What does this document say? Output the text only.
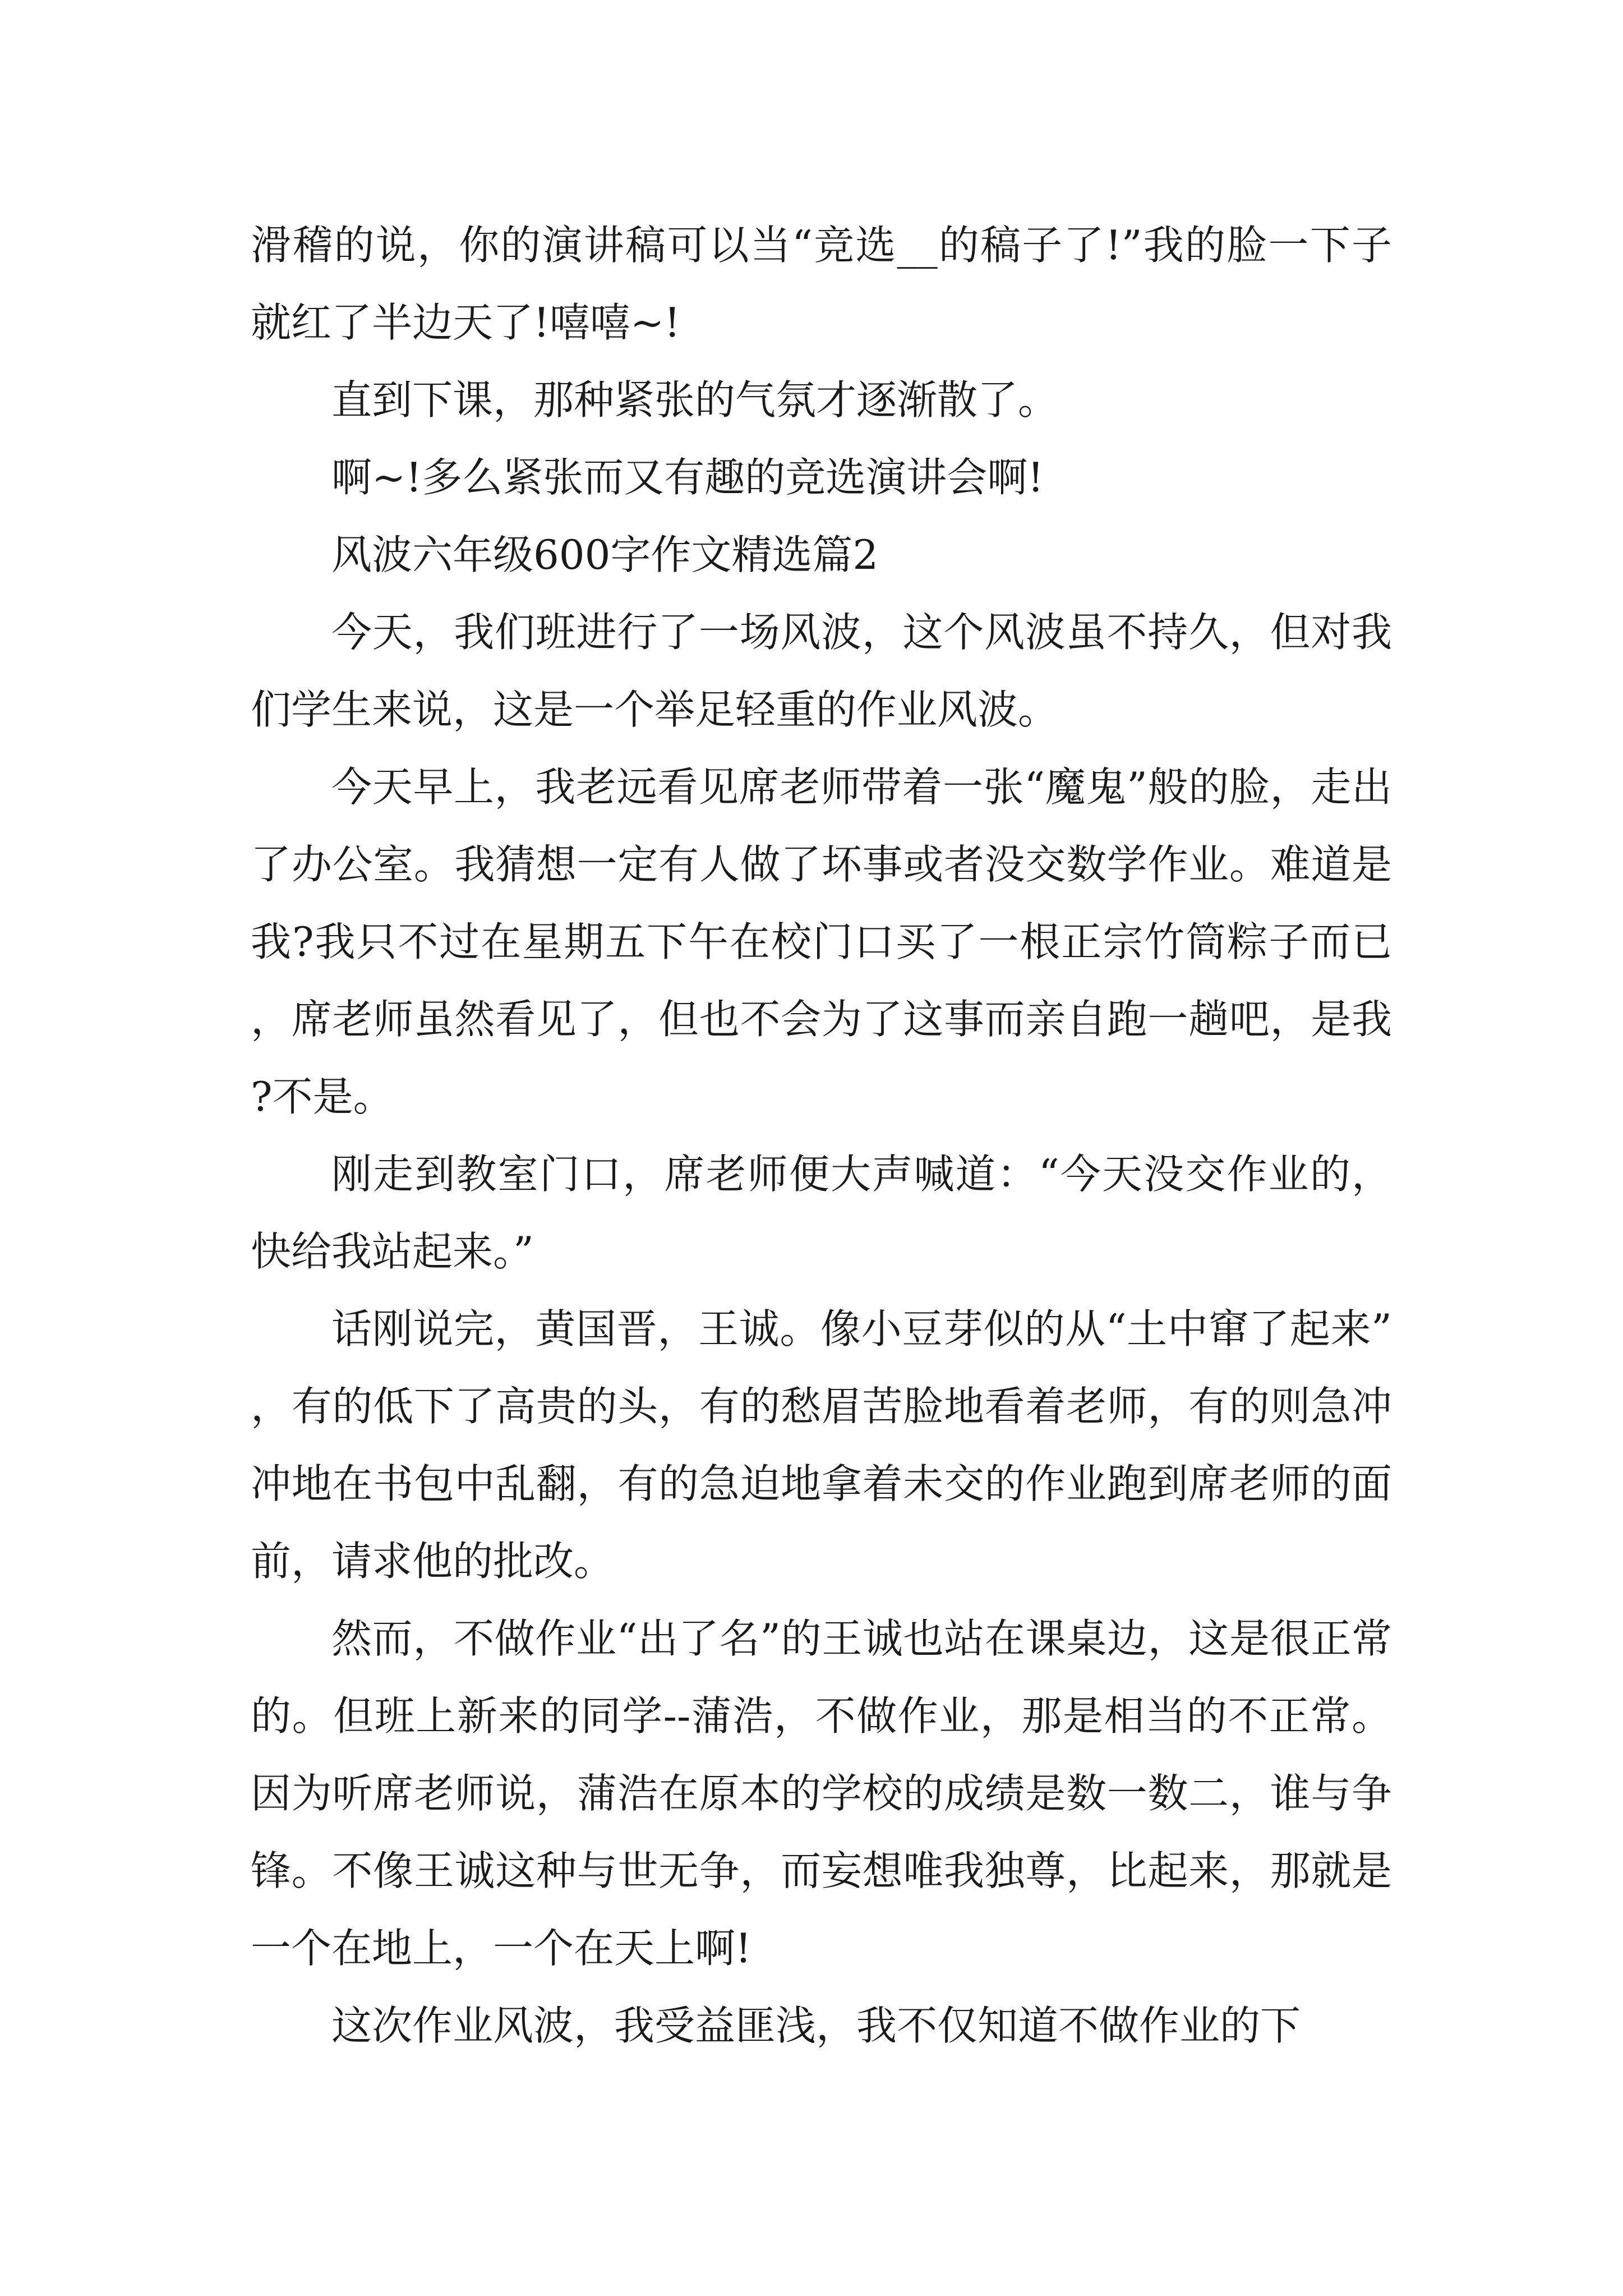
滑稽的说，你的演讲稿可以当“竞选__的稿子了!”我的脸一下子就红了半边天了!嘻嘻~!

直到下课，那种紧张的气氛才逐渐散了。

啊~!多么紧张而又有趣的竞选演讲会啊!

风波六年级600字作文精选篇2

今天，我们班进行了一场风波，这个风波虽不持久，但对我们学生来说，这是一个举足轻重的作业风波。

今天早上，我老远看见席老师带着一张“魔鬼”般的脸，走出了办公室。我猜想一定有人做了坏事或者没交数学作业。难道是我?我只不过在星期五下午在校门口买了一根正宗竹筒粽子而已，席老师虽然看见了，但也不会为了这事而亲自跑一趟吧，是我?不是。

刚走到教室门口，席老师便大声喊道：“今天没交作业的，快给我站起来。”

话刚说完，黄国晋，王诚。像小豆芽似的从“土中窜了起来”，有的低下了高贵的头，有的愁眉苦脸地看着老师，有的则急冲冲地在书包中乱翻，有的急迫地拿着未交的作业跑到席老师的面前，请求他的批改。

然而，不做作业“出了名”的王诚也站在课桌边，这是很正常的。但班上新来的同学--蒲浩，不做作业，那是相当的不正常。因为听席老师说，蒲浩在原本的学校的成绩是数一数二，谁与争锋。不像王诚这种与世无争，而妄想唯我独尊，比起来，那就是一个在地上，一个在天上啊!

这次作业风波，我受益匪浅，我不仅知道不做作业的下
